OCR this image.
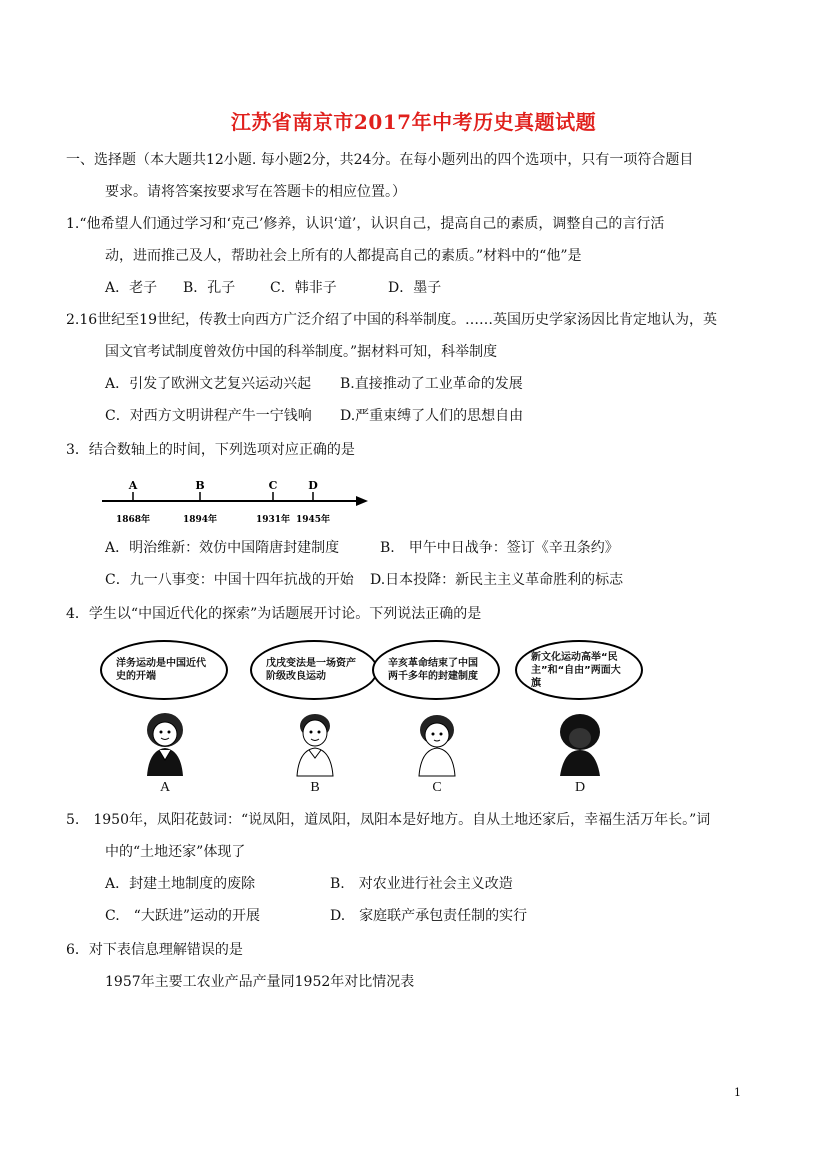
江苏省南京市2017年中考历史真题试题
一、选择题（本大题共12小题. 每小题2分，共24分。在每小题列出的四个选项中，只有一项符合题目
要求。请将答案按要求写在答题卡的相应位置。）
1.“他希望人们通过学习和‘克己’修养，认识‘道’，认识自己，提高自己的素质，调整自己的言行活
动，进而推己及人，帮助社会上所有的人都提高自己的素质。”材料中的“他”是
A．老子 B．孔子 C．韩非子	D．墨子
2.16世纪至19世纪，传教士向西方广泛介绍了中国的科举制度。……英国历史学家汤因比肯定地认为，英
国文官考试制度曾效仿中国的科举制度。”据材料可知，科举制度
A．引发了欧洲文艺复兴运动兴起 B.直接推动了工业革命的发展
C．对西方文明讲程产牛一宁钱响 D.严重束缚了人们的思想自由
3．结合数轴上的时间，下列选项对应正确的是
A
1868年
B
1894年
C
1931年
D
1945年
A．明治维新：效仿中国隋唐封建制度	B.　甲午中日战争：签订《辛丑条约》
C．九一八事变：中国十四年抗战的开始 D.日本投降：新民主主义革命胜利的标志
4．学生以“中国近代化的探索”为话题展开讨论。下列说法正确的是
洋务运动是中国近代史的开端
A
戊戌变法是一场资产阶级改良运动
B
辛亥革命结束了中国两千多年的封建制度
C
新文化运动高举“民主”和“自由”两面大旗
D
5.　1950年，凤阳花鼓词：“说凤阳，道凤阳，凤阳本是好地方。自从土地还家后，幸福生活万年长。”词
中的“土地还家”体现了
A．封建土地制度的废除	B.　对农业进行社会主义改造
C.　“大跃进”运动的开展	D.　家庭联产承包责任制的实行
6．对下表信息理解错误的是
1957年主要工农业产品产量同1952年对比情况表
1
